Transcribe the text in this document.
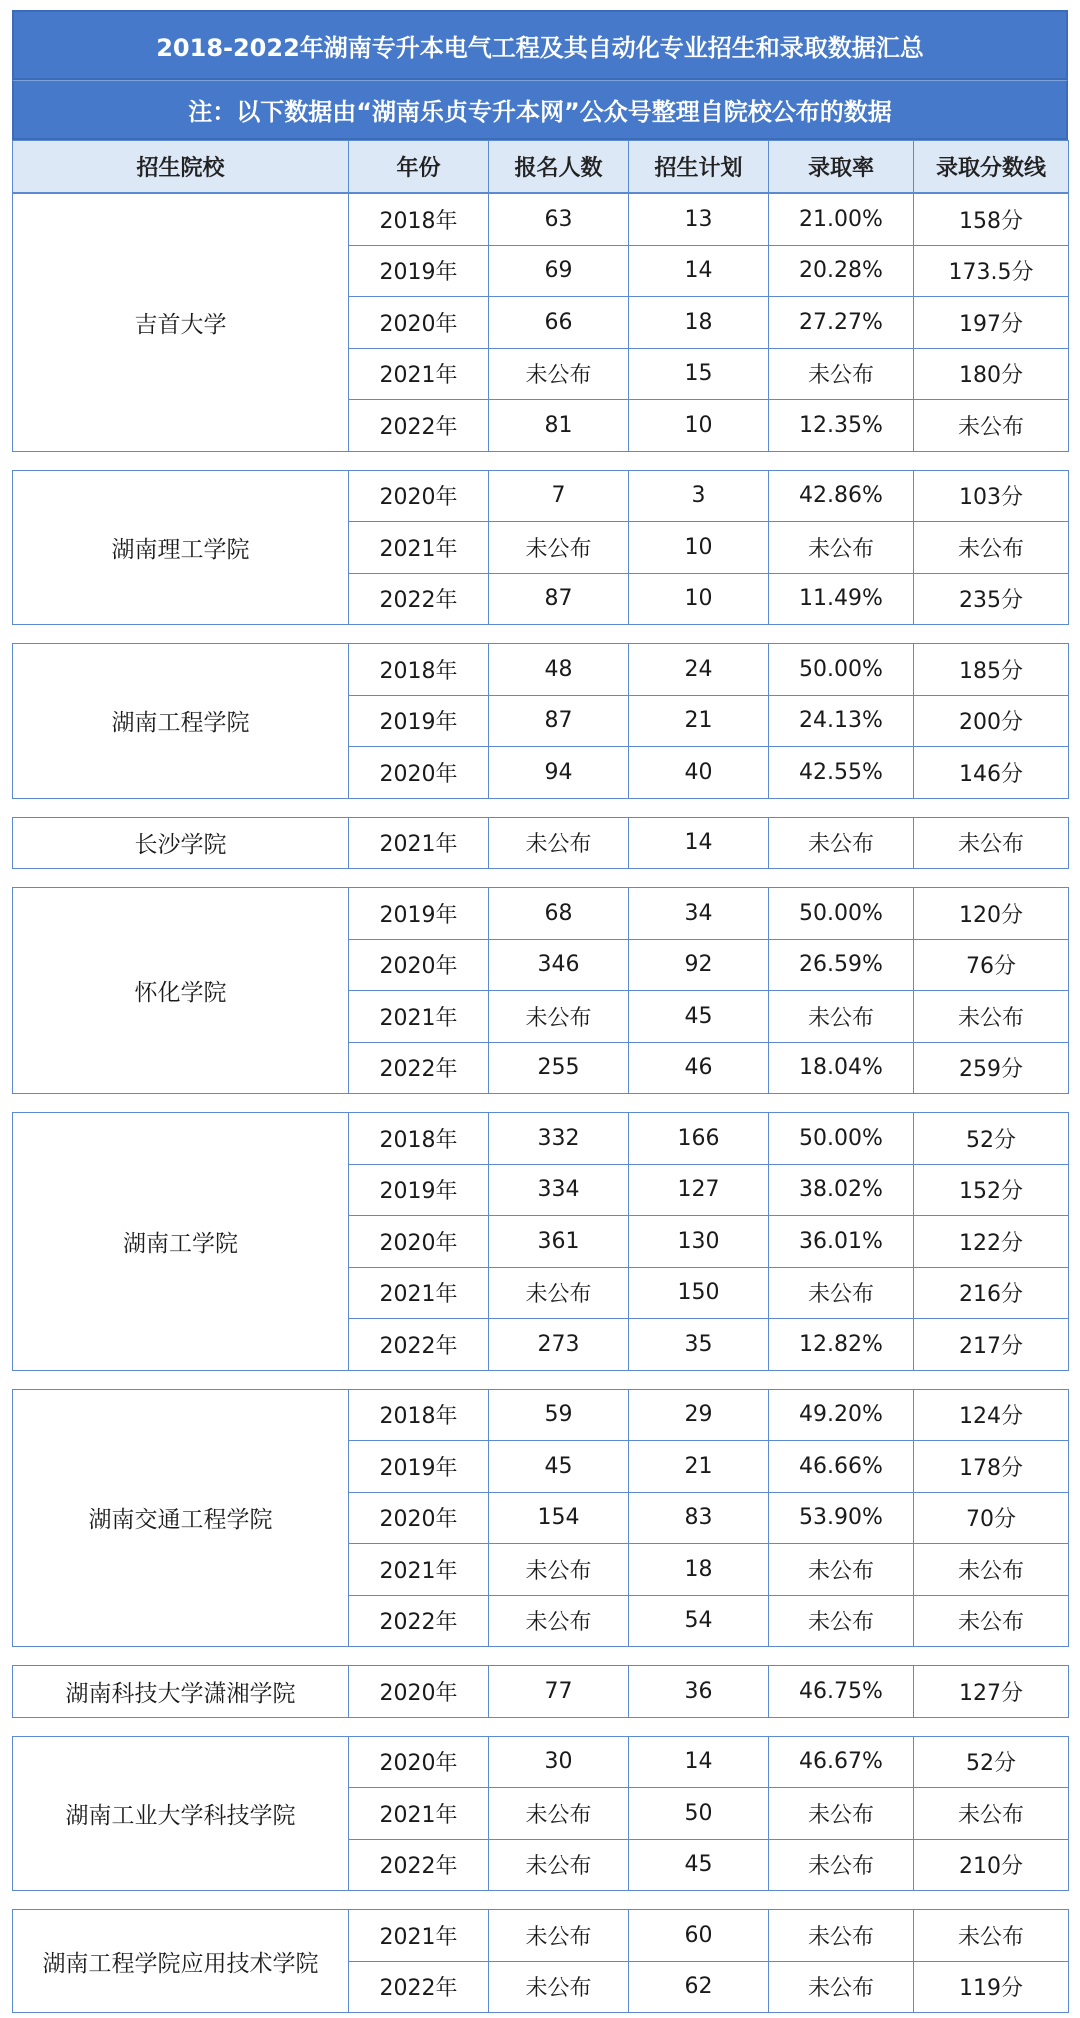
2018-2022年湖南专升本电气工程及其自动化专业招生和录取数据汇总
注：以下数据由“湖南乐贞专升本网”公众号整理自院校公布的数据
招生院校	年份	报名人数	招生计划	录取率	录取分数线
吉首大学	2018年	63	13	21.00%	158分
	2019年	69	14	20.28%	173.5分
	2020年	66	18	27.27%	197分
	2021年	未公布	15	未公布	180分
	2022年	81	10	12.35%	未公布
湖南理工学院	2020年	7	3	42.86%	103分
	2021年	未公布	10	未公布	未公布
	2022年	87	10	11.49%	235分
湖南工程学院	2018年	48	24	50.00%	185分
	2019年	87	21	24.13%	200分
	2020年	94	40	42.55%	146分
长沙学院	2021年	未公布	14	未公布	未公布
怀化学院	2019年	68	34	50.00%	120分
	2020年	346	92	26.59%	76分
	2021年	未公布	45	未公布	未公布
	2022年	255	46	18.04%	259分
湖南工学院	2018年	332	166	50.00%	52分
	2019年	334	127	38.02%	152分
	2020年	361	130	36.01%	122分
	2021年	未公布	150	未公布	216分
	2022年	273	35	12.82%	217分
湖南交通工程学院	2018年	59	29	49.20%	124分
	2019年	45	21	46.66%	178分
	2020年	154	83	53.90%	70分
	2021年	未公布	18	未公布	未公布
	2022年	未公布	54	未公布	未公布
湖南科技大学潇湘学院	2020年	77	36	46.75%	127分
湖南工业大学科技学院	2020年	30	14	46.67%	52分
	2021年	未公布	50	未公布	未公布
	2022年	未公布	45	未公布	210分
湖南工程学院应用技术学院	2021年	未公布	60	未公布	未公布
	2022年	未公布	62	未公布	119分
